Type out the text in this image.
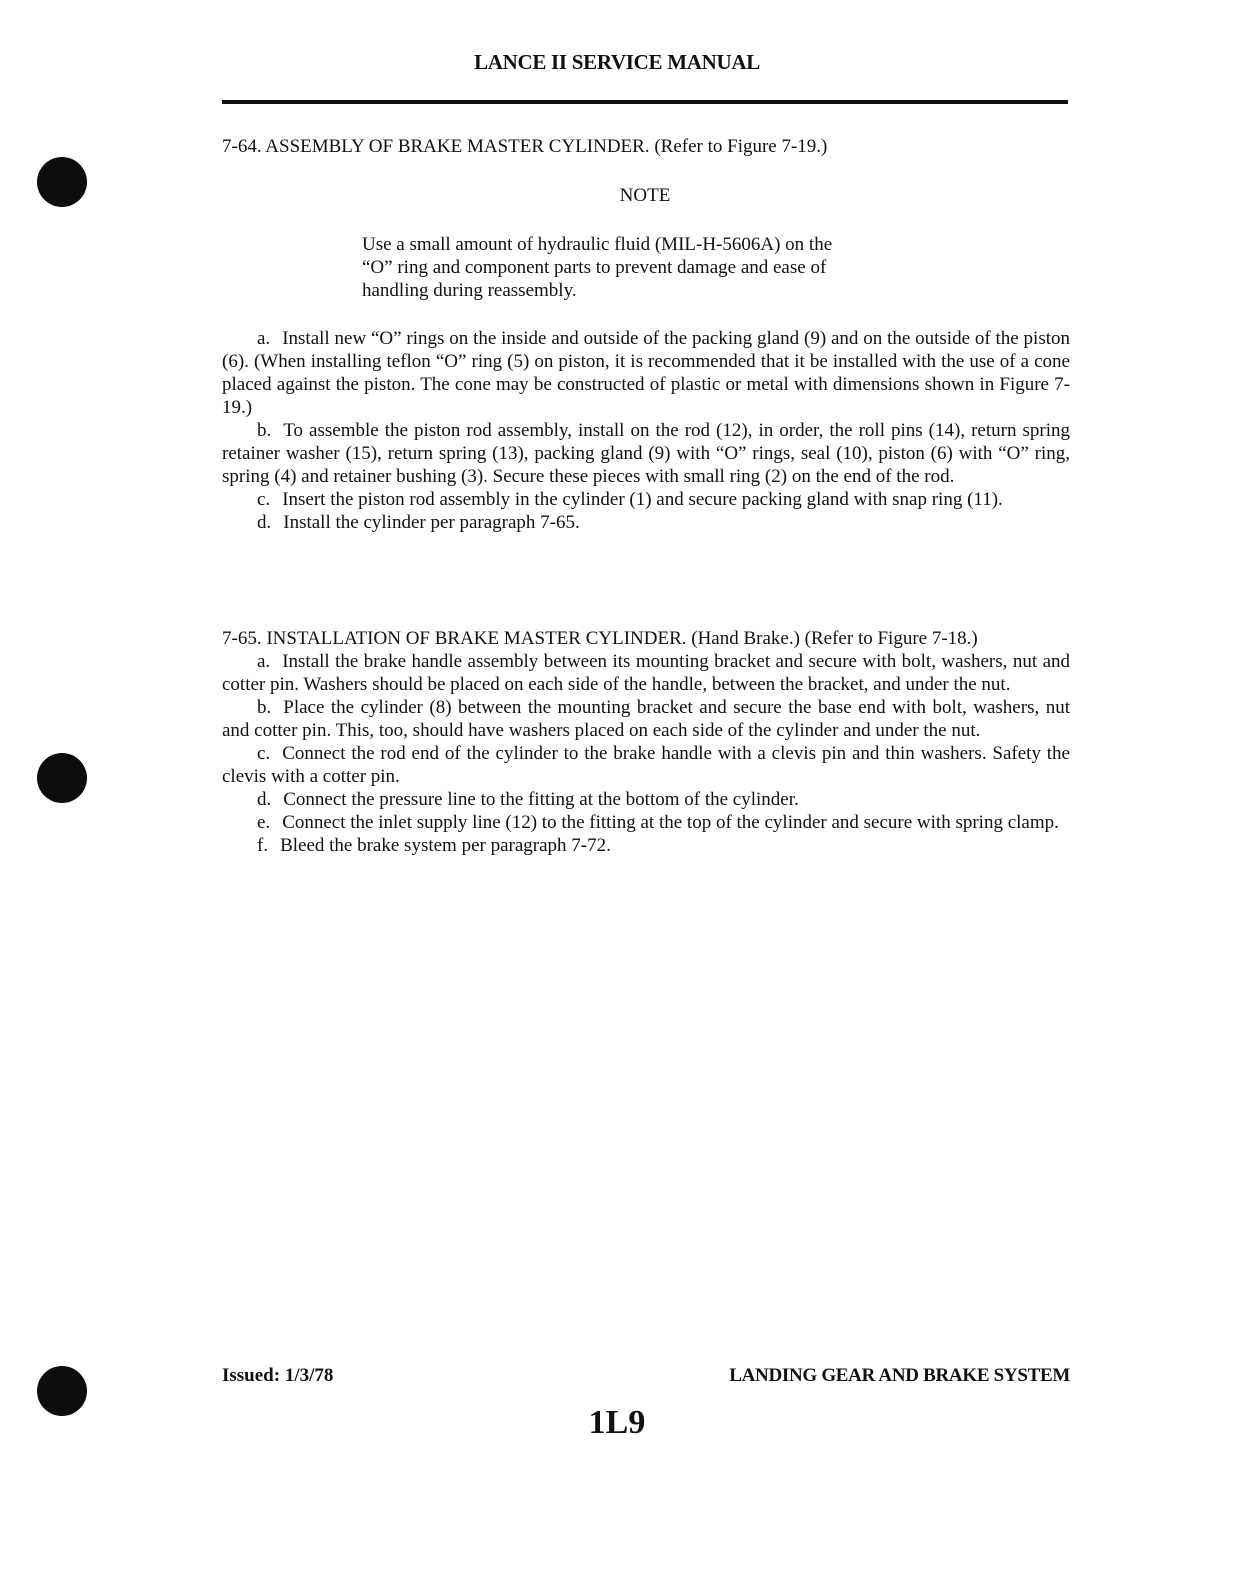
LANCE II SERVICE MANUAL

7-64. ASSEMBLY OF BRAKE MASTER CYLINDER. (Refer to Figure 7-19.)

NOTE

Use a small amount of hydraulic fluid (MIL-H-5606A) on the

“O” ring and component parts to prevent damage and ease of

handling during reassembly.

a. Install new “O” rings on the inside and outside of the packing gland (9) and on the outside of the piston (6). (When installing teflon “O” ring (5) on piston, it is recommended that it be installed with the use of a cone placed against the piston. The cone may be constructed of plastic or metal with dimensions shown in Figure 7-19.)

b. To assemble the piston rod assembly, install on the rod (12), in order, the roll pins (14), return spring retainer washer (15), return spring (13), packing gland (9) with “O” rings, seal (10), piston (6) with “O” ring, spring (4) and retainer bushing (3). Secure these pieces with small ring (2) on the end of the rod.

c. Insert the piston rod assembly in the cylinder (1) and secure packing gland with snap ring (11).

d. Install the cylinder per paragraph 7-65.

7-65. INSTALLATION OF BRAKE MASTER CYLINDER. (Hand Brake.) (Refer to Figure 7-18.)

a. Install the brake handle assembly between its mounting bracket and secure with bolt, washers, nut and cotter pin. Washers should be placed on each side of the handle, between the bracket, and under the nut.

b. Place the cylinder (8) between the mounting bracket and secure the base end with bolt, washers, nut and cotter pin. This, too, should have washers placed on each side of the cylinder and under the nut.

c. Connect the rod end of the cylinder to the brake handle with a clevis pin and thin washers. Safety the clevis with a cotter pin.

d. Connect the pressure line to the fitting at the bottom of the cylinder.

e. Connect the inlet supply line (12) to the fitting at the top of the cylinder and secure with spring clamp.

f. Bleed the brake system per paragraph 7-72.

Issued: 1/3/78	LANDING GEAR AND BRAKE SYSTEM
1L9
